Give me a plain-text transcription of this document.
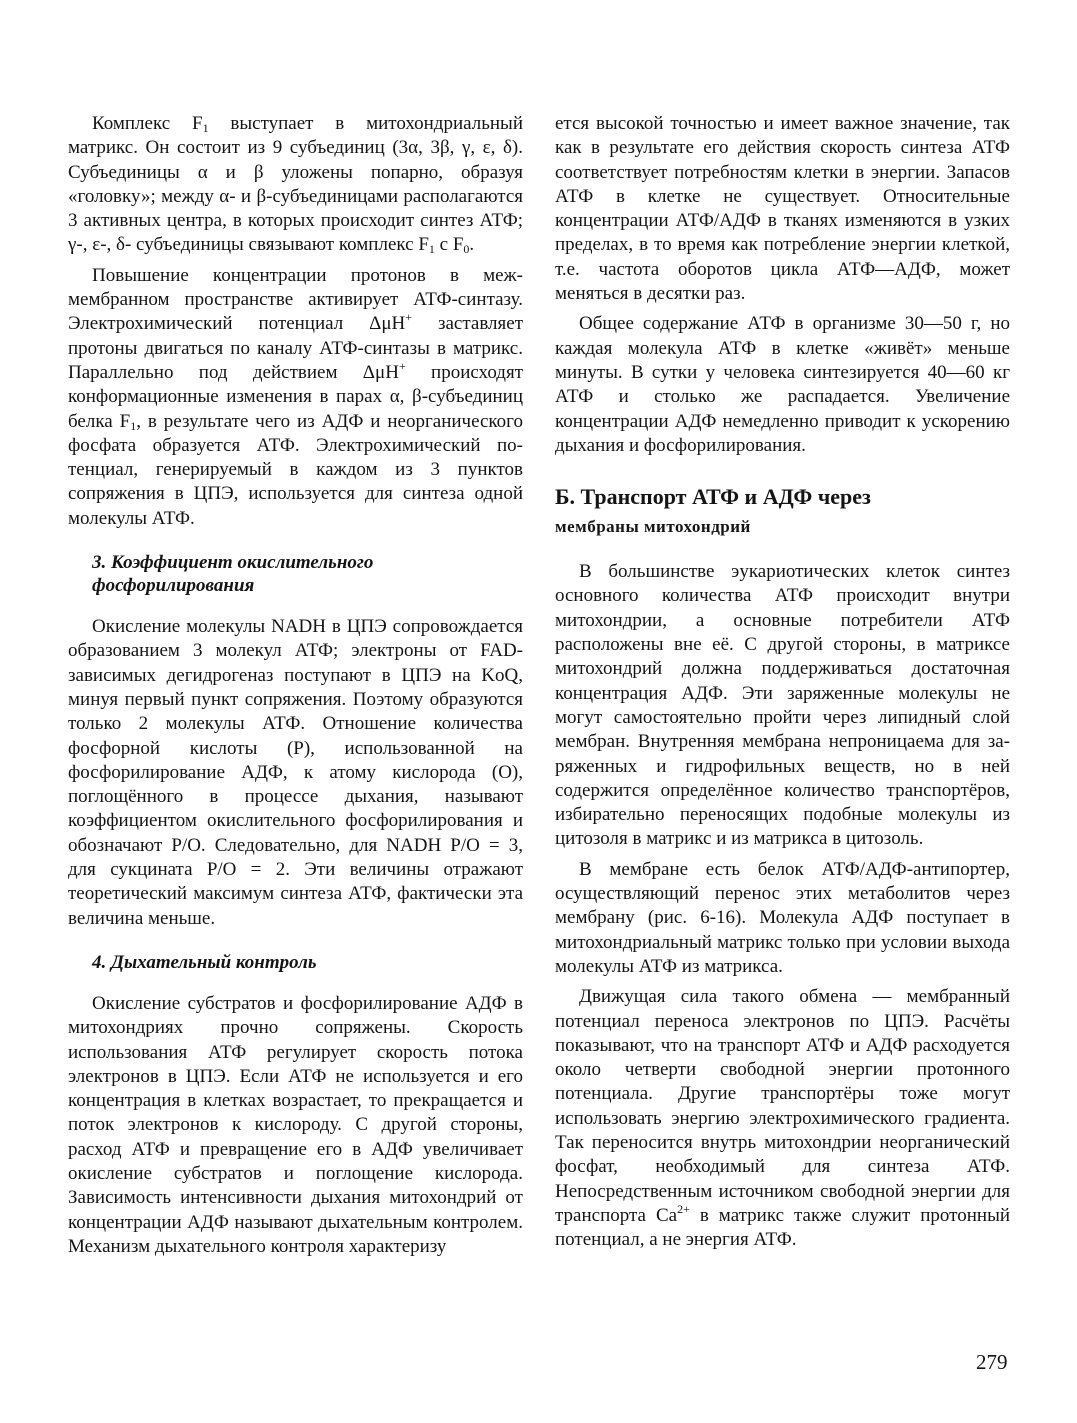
Комплекс $F_1$ выступает в митохондриальный матрикс. Он состоит из 9 субъединиц (3α, 3β, γ, ε, δ). Субъединицы α и β уложены попарно, образуя «головку»; между α- и β-субъединицами располагаются 3 активных центра, в которых происходит синтез АТФ; γ-, ε-, δ- субъединицы связывают комплекс $F_1$ с $F_0$.

Повышение концентрации протонов в межмембранном пространстве активирует АТФ-синтазу. Электрохимический потенциал ΔμH+ заставляет протоны двигаться по каналу АТФ-синтазы в матрикс. Параллельно под действием ΔμH+ происходят конформационные изменения в парах α, β-субъединиц белка $F_1$, в результате чего из АДФ и неорганического фосфата образуется АТФ. Электрохимический потенциал, генерируемый в каждом из 3 пунктов сопряжения в ЦПЭ, используется для синтеза одной молекулы АТФ.

3. Коэффициент окислительного фосфорилирования

Окисление молекулы NADH в ЦПЭ сопровождается образованием 3 молекул АТФ; электроны от FAD-зависимых дегидрогеназ поступают в ЦПЭ на KoQ, минуя первый пункт сопряжения. Поэтому образуются только 2 молекулы АТФ. Отношение количества фосфорной кислоты (Р), использованной на фосфорилирование АДФ, к атому кислорода (О), поглощённого в процессе дыхания, называют коэффициентом окислительного фосфорилирования и обозначают Р/О. Следовательно, для NADH Р/О = 3, для сукцината Р/О = 2. Эти величины отражают теоретический максимум синтеза АТФ, фактически эта величина меньше.

4. Дыхательный контроль

Окисление субстратов и фосфорилирование АДФ в митохондриях прочно сопряжены. Скорость использования АТФ регулирует скорость потока электронов в ЦПЭ. Если АТФ не используется и его концентрация в клетках возрастает, то прекращается и поток электронов к кислороду. С другой стороны, расход АТФ и превращение его в АДФ увеличивает окисление субстратов и поглощение кислорода. Зависимость интенсивности дыхания митохондрий от концентрации АДФ называют дыхательным контролем. Механизм дыхательного контроля характеризу

ется высокой точностью и имеет важное значение, так как в результате его действия скорость синтеза АТФ соответствует потребностям клетки в энергии. Запасов АТФ в клетке не существует. Относительные концентрации АТФ/АДФ в тканях изменяются в узких пределах, в то время как потребление энергии клеткой, т.е. частота оборотов цикла АТФ—АДФ, может меняться в десятки раз.

Общее содержание АТФ в организме 30—50 г, но каждая молекула АТФ в клетке «живёт» меньше минуты. В сутки у человека синтезируется 40—60 кг АТФ и столько же распадается. Увеличение концентрации АДФ немедленно приводит к ускорению дыхания и фосфорилирования.

Б. Транспорт АТФ и АДФ через
мембраны митохондрий

В большинстве эукариотических клеток синтез основного количества АТФ происходит внутри митохондрии, а основные потребители АТФ расположены вне её. С другой стороны, в матриксе митохондрий должна поддерживаться достаточная концентрация АДФ. Эти заряженные молекулы не могут самостоятельно пройти через липидный слой мембран. Внутренняя мембрана непроницаема для заряженных и гидрофильных веществ, но в ней содержится определённое количество транспортёров, избирательно переносящих подобные молекулы из цитозоля в матрикс и из матрикса в цитозоль.

В мембране есть белок АТФ/АДФ-антипортер, осуществляющий перенос этих метаболитов через мембрану (рис. 6-16). Молекула АДФ поступает в митохондриальный матрикс только при условии выхода молекулы АТФ из матрикса.

Движущая сила такого обмена — мембранный потенциал переноса электронов по ЦПЭ. Расчёты показывают, что на транспорт АТФ и АДФ расходуется около четверти свободной энергии протонного потенциала. Другие транспортёры тоже могут использовать энергию электрохимического градиента. Так переносится внутрь митохондрии неорганический фосфат, необходимый для синтеза АТФ. Непосредственным источником свободной энергии для транспорта $Са^{2+}$ в матрикс также служит протонный потенциал, а не энергия АТФ.

279
